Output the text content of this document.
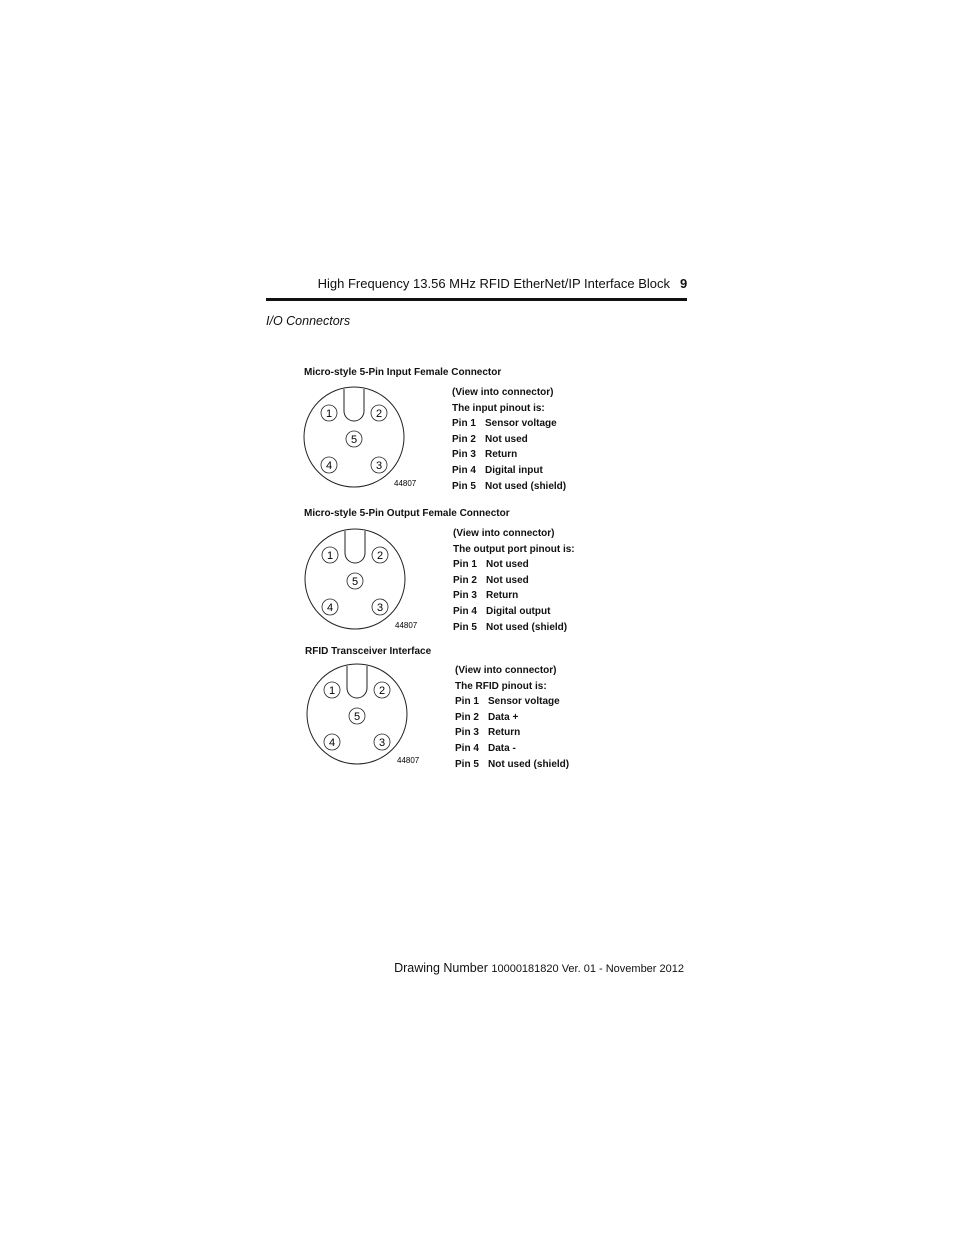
High Frequency 13.56 MHz RFID EtherNet/IP Interface Block 9
I/O Connectors
Micro-style 5-Pin Input Female Connector
1	2
5
4	3
44807
(View into connector)
The input pinout is:
Pin 1 Sensor voltage
Pin 2 Not used
Pin 3 Return
Pin 4 Digital input
Pin 5 Not used (shield)
Micro-style 5-Pin Output Female Connector
1	2
5
4	3
44807
(View into connector)
The output port pinout is:
Pin 1 Not used
Pin 2 Not used
Pin 3 Return
Pin 4 Digital output
Pin 5 Not used (shield)
RFID Transceiver Interface
1	2
5
4	3
44807
(View into connector)
The RFID pinout is:
Pin 1 Sensor voltage
Pin 2 Data +
Pin 3 Return
Pin 4 Data -
Pin 5 Not used (shield)
Drawing Number 10000181820 Ver. 01 - November 2012
